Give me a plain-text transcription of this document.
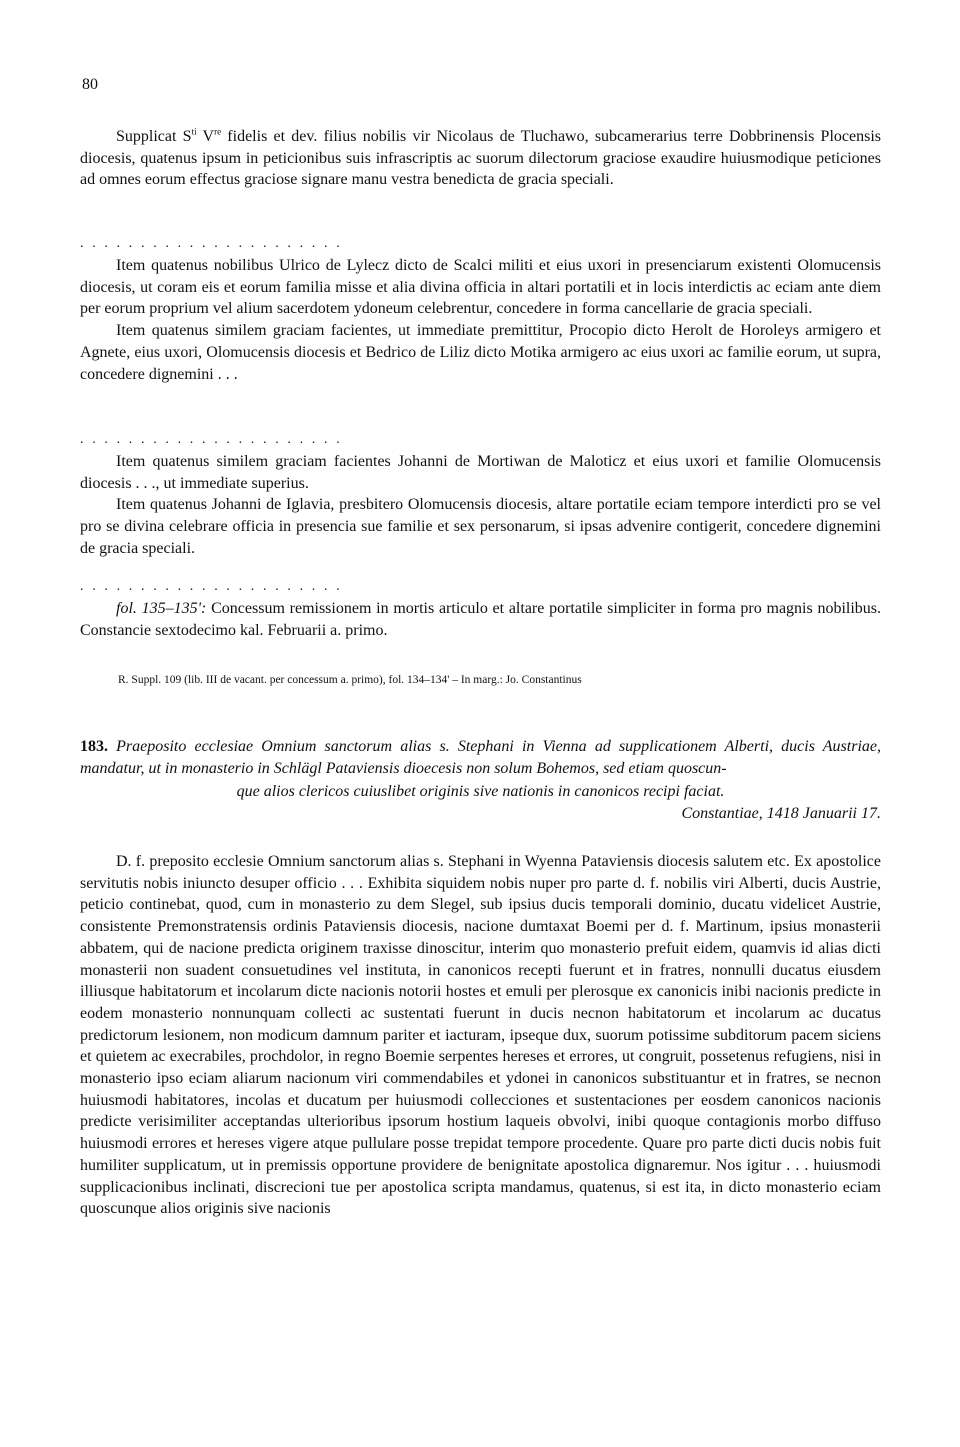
80

Supplicat $S^{ti}$ Vre fidelis et dev. filius nobilis vir Nicolaus de Tluchawo, subcamerarius terre Dobbrinensis Plocensis diocesis, quatenus ipsum in peticionibus suis infrascriptis ac suorum dilectorum graciose exaudire huiusmodique peticiones ad omnes eorum effectus graciose signare manu vestra benedicta de gracia speciali.

. . . . . . . . . . . . . . . . . . . . . .

Item quatenus nobilibus Ulrico de Lylecz dicto de Scalci militi et eius uxori in presenciarum existenti Olomucensis diocesis, ut coram eis et eorum familia misse et alia divina officia in altari portatili et in locis interdictis ac eciam ante diem per eorum proprium vel alium sacerdotem ydoneum celebrentur, concedere in forma cancellarie de gracia speciali.

Item quatenus similem graciam facientes, ut immediate premittitur, Procopio dicto Herolt de Horoleys armigero et Agnete, eius uxori, Olomucensis diocesis et Bedrico de Liliz dicto Motika armigero ac eius uxori ac familie eorum, ut supra, concedere dignemini . . .

. . . . . . . . . . . . . . . . . . . . . .

Item quatenus similem graciam facientes Johanni de Mortiwan de Maloticz et eius uxori et familie Olomucensis diocesis . . ., ut immediate superius.

Item quatenus Johanni de Iglavia, presbitero Olomucensis diocesis, altare portatile eciam tempore interdicti pro se vel pro se divina celebrare officia in presencia sue familie et sex personarum, si ipsas advenire contigerit, concedere dignemini de gracia speciali.

. . . . . . . . . . . . . . . . . . . . . .

fol. 135–135': Concessum remissionem in mortis articulo et altare portatile simpliciter in forma pro magnis nobilibus. Constancie sextodecimo kal. Februarii a. primo.

R. Suppl. 109 (lib. III de vacant. per concessum a. primo), fol. 134–134' – In marg.: Jo. Constantinus

183. Praeposito ecclesiae Omnium sanctorum alias s. Stephani in Vienna ad supplicationem Alberti, ducis Austriae, mandatur, ut in monasterio in Schlägl Pataviensis dioecesis non solum Bohemos, sed etiam quoscun-

que alios clericos cuiuslibet originis sive nationis in canonicos recipi faciat.

Constantiae, 1418 Januarii 17.

D. f. preposito ecclesie Omnium sanctorum alias s. Stephani in Wyenna Pataviensis diocesis salutem etc. Ex apostolice servitutis nobis iniuncto desuper officio . . . Exhibita siquidem nobis nuper pro parte d. f. nobilis viri Alberti, ducis Austrie, peticio continebat, quod, cum in monasterio zu dem Slegel, sub ipsius ducis temporali dominio, ducatu videlicet Austrie, consistente Premonstratensis ordinis Pataviensis diocesis, nacione dumtaxat Boemi per d. f. Martinum, ipsius monasterii abbatem, qui de nacione predicta originem traxisse dinoscitur, interim quo monasterio prefuit eidem, quamvis id alias dicti monasterii non suadent consuetudines vel instituta, in canonicos recepti fuerunt et in fratres, nonnulli ducatus eiusdem illiusque habitatorum et incolarum dicte nacionis notorii hostes et emuli per plerosque ex canonicis inibi nacionis predicte in eodem monasterio nonnunquam collecti ac sustentati fuerunt in ducis necnon habitatorum et incolarum ac ducatus predictorum lesionem, non modicum damnum pariter et iacturam, ipseque dux, suorum potissime subditorum pacem siciens et quietem ac execrabiles, prochdolor, in regno Boemie serpentes hereses et errores, ut congruit, possetenus refugiens, nisi in monasterio ipso eciam aliarum nacionum viri commendabiles et ydonei in canonicos substituantur et in fratres, se necnon huiusmodi habitatores, incolas et ducatum per huiusmodi collecciones et sustentaciones per eosdem canonicos nacionis predicte verisimiliter acceptandas ulterioribus ipsorum hostium laqueis obvolvi, inibi quoque contagionis morbo diffuso huiusmodi errores et hereses vigere atque pullulare posse trepidat tempore procedente. Quare pro parte dicti ducis nobis fuit humiliter supplicatum, ut in premissis opportune providere de benignitate apostolica dignaremur. Nos igitur . . . huiusmodi supplicacionibus inclinati, discrecioni tue per apostolica scripta mandamus, quatenus, si est ita, in dicto monasterio eciam quoscunque alios originis sive nacionis
